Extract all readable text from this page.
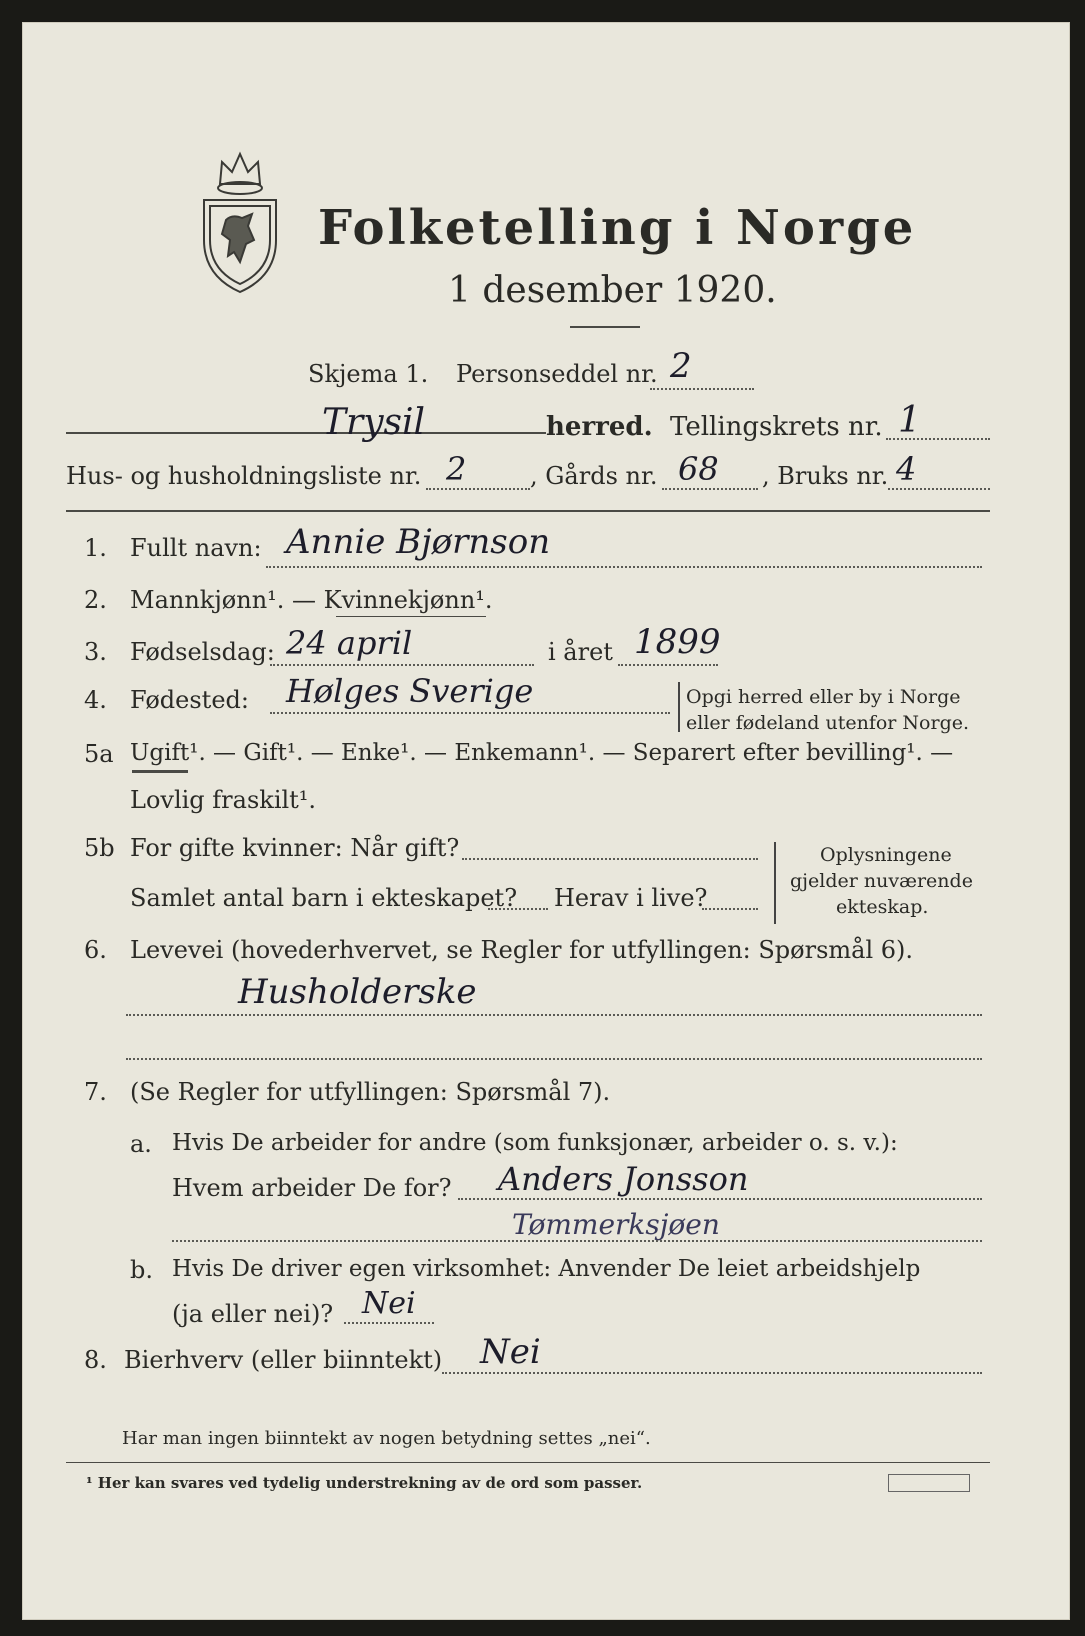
Folketelling i Norge
1 desember 1920.
Skjema 1. Personseddel nr. 2
Trysil	herred. Tellingskrets nr. 1
Hus- og husholdningsliste nr. 2	, Gårds nr. 68 , Bruks nr. 4
1. Fullt navn: Annie Bjørnson
2. Mannkjønn¹. — Kvinnekjønn¹.
3. Fødselsdag: 24 april	i året 1899
4. Fødested: Hølges Sverige	Opgi herred eller by i Norge
eller fødeland utenfor Norge.
5a Ugift¹. — Gift¹. — Enke¹. — Enkemann¹. — Separert efter bevilling¹. —
Lovlig fraskilt¹.
5b For gifte kvinner: Når gift?
Samlet antal barn i ekteskapet? Herav i live?
Oplysningene
gjelder nuværende
ekteskap.
6. Levevei (hovederhvervet, se Regler for utfyllingen: Spørsmål 6).
Husholderske
7. (Se Regler for utfyllingen: Spørsmål 7).
a. Hvis De arbeider for andre (som funksjonær, arbeider o. s. v.):
Hvem arbeider De for? Anders Jonsson
Tømmerksjøen
b. Hvis De driver egen virksomhet: Anvender De leiet arbeidshjelp
(ja eller nei)? Nei
8. Bierhverv (eller biinntekt) Nei
Har man ingen biinntekt av nogen betydning settes „nei“.
¹ Her kan svares ved tydelig understrekning av de ord som passer.
